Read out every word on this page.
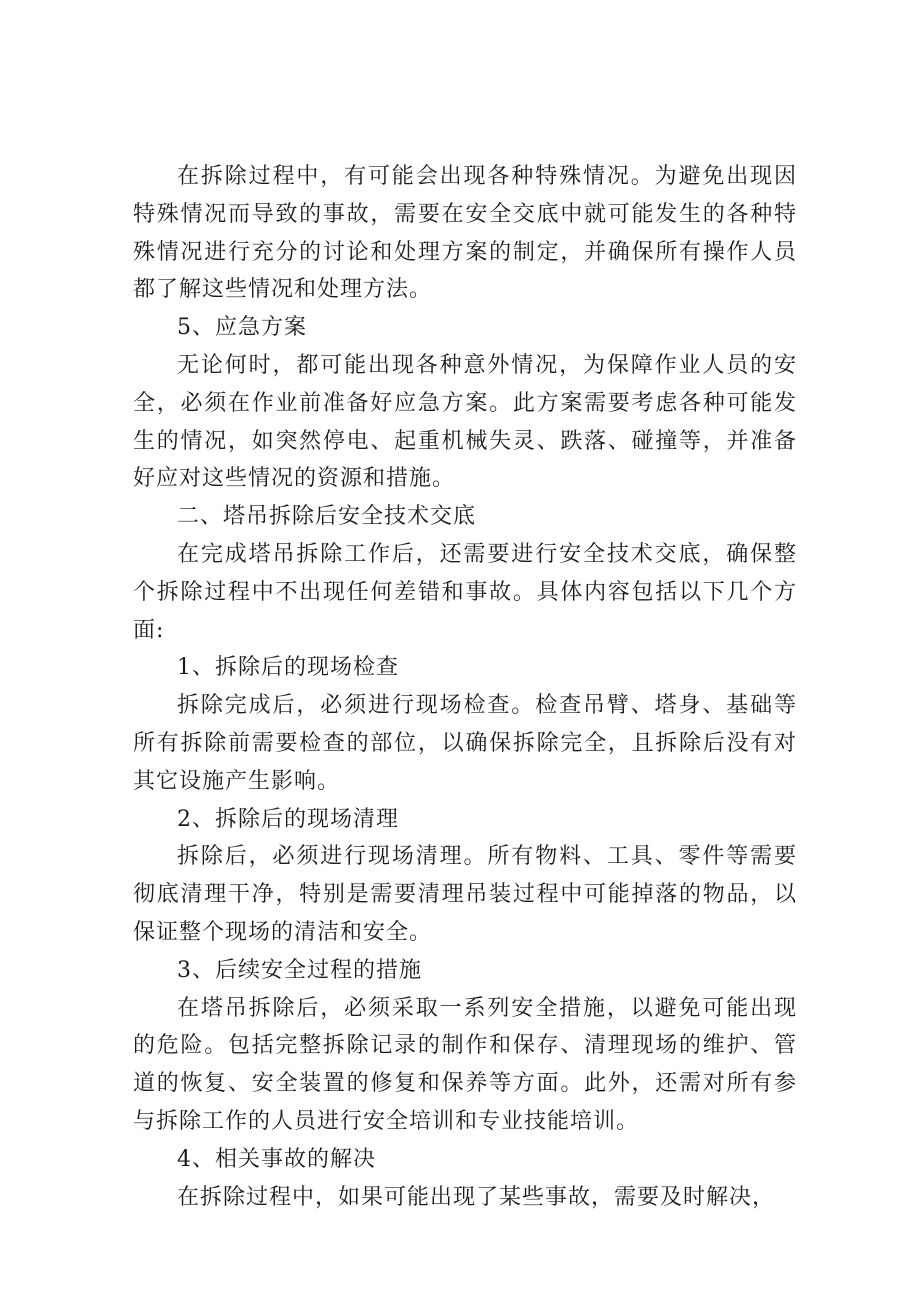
在拆除过程中，有可能会出现各种特殊情况。为避免出现因特殊情况而导致的事故，需要在安全交底中就可能发生的各种特殊情况进行充分的讨论和处理方案的制定，并确保所有操作人员都了解这些情况和处理方法。

5、应急方案

无论何时，都可能出现各种意外情况，为保障作业人员的安全，必须在作业前准备好应急方案。此方案需要考虑各种可能发生的情况，如突然停电、起重机械失灵、跌落、碰撞等，并准备好应对这些情况的资源和措施。

二、塔吊拆除后安全技术交底

在完成塔吊拆除工作后，还需要进行安全技术交底，确保整个拆除过程中不出现任何差错和事故。具体内容包括以下几个方面:

1、拆除后的现场检查

拆除完成后，必须进行现场检查。检查吊臂、塔身、基础等所有拆除前需要检查的部位，以确保拆除完全，且拆除后没有对其它设施产生影响。

2、拆除后的现场清理

拆除后，必须进行现场清理。所有物料、工具、零件等需要彻底清理干净，特别是需要清理吊装过程中可能掉落的物品，以保证整个现场的清洁和安全。

3、后续安全过程的措施

在塔吊拆除后，必须采取一系列安全措施，以避免可能出现的危险。包括完整拆除记录的制作和保存、清理现场的维护、管道的恢复、安全装置的修复和保养等方面。此外，还需对所有参与拆除工作的人员进行安全培训和专业技能培训。

4、相关事故的解决

在拆除过程中，如果可能出现了某些事故，需要及时解决，
